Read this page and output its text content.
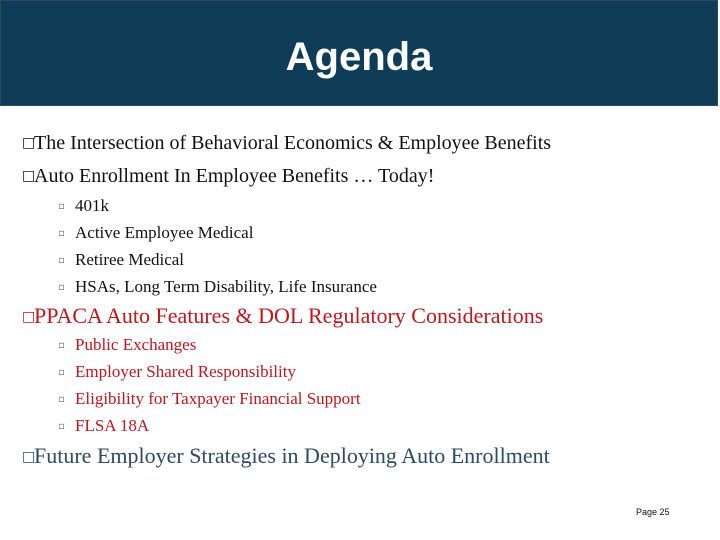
Agenda
□The Intersection of Behavioral Economics & Employee Benefits
□Auto Enrollment In Employee Benefits … Today!
▫ 401k
▫ Active Employee Medical
▫ Retiree Medical
▫ HSAs, Long Term Disability, Life Insurance
□PPACA Auto Features & DOL Regulatory Considerations
▫ Public Exchanges
▫ Employer Shared Responsibility
▫ Eligibility for Taxpayer Financial Support
▫ FLSA 18A
□Future Employer Strategies in Deploying Auto Enrollment
Page 25
